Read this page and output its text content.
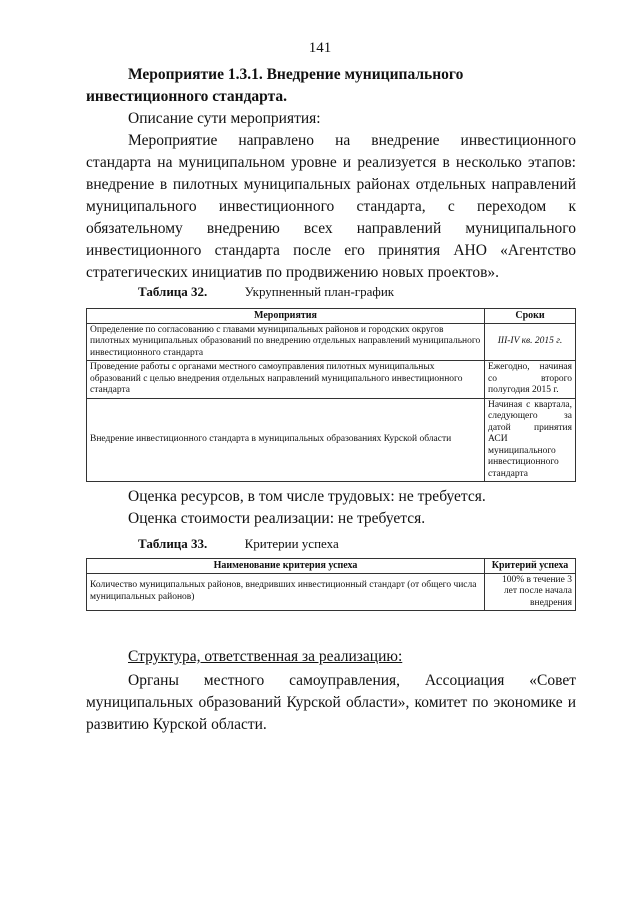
141
Мероприятие 1.3.1. Внедрение муниципального инвестиционного стандарта.
Описание сути мероприятия:
Мероприятие направлено на внедрение инвестиционного стандарта на муниципальном уровне и реализуется в несколько этапов: внедрение в пилотных муниципальных районах отдельных направлений муниципального инвестиционного стандарта, с переходом к обязательному внедрению всех направлений муниципального инвестиционного стандарта после его принятия АНО «Агентство стратегических инициатив по продвижению новых проектов».
Таблица 32.	Укрупненный план-график
Мероприятия	Сроки
Определение по согласованию с главами муниципальных районов и городских округов пилотных муниципальных образований по внедрению отдельных направлений муниципального инвестиционного стандарта	III-IV кв. 2015 г.
Проведение работы с органами местного самоуправления пилотных муниципальных образований с целью внедрения отдельных направлений муниципального инвестиционного стандарта	Ежегодно, начиная со второго полугодия 2015 г.
Внедрение инвестиционного стандарта в муниципальных образованиях Курской области	Начиная с квартала, следующего за датой принятия АСИ муниципального инвестиционного стандарта
Оценка ресурсов, в том числе трудовых: не требуется.
Оценка стоимости реализации: не требуется.
Таблица 33.	Критерии успеха
Наименование критерия успеха	Критерий успеха
Количество муниципальных районов, внедривших инвестиционный стандарт (от общего числа муниципальных районов)	100% в течение 3 лет после начала внедрения
Структура, ответственная за реализацию:
Органы местного самоуправления, Ассоциация «Совет муниципальных образований Курской области», комитет по экономике и развитию Курской области.
